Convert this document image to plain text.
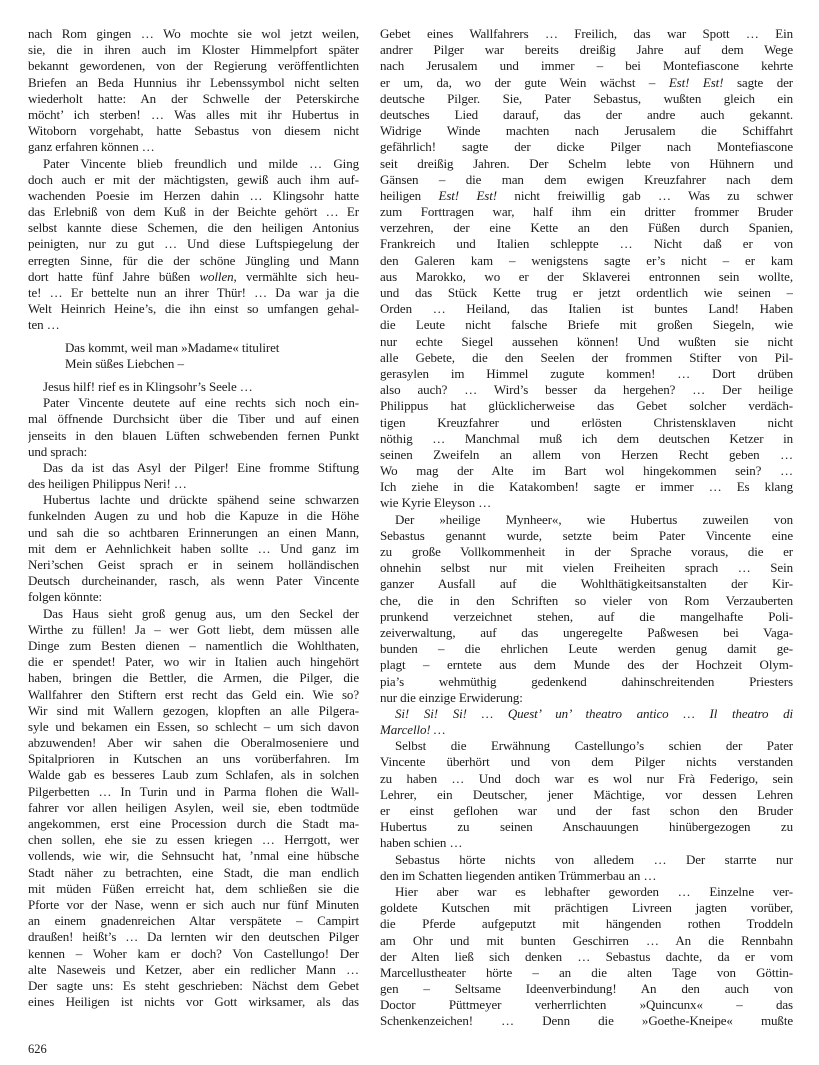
nach Rom gingen … Wo mochte sie wol jetzt weilen,
sie, die in ihren auch im Kloster Himmelpfort später
bekannt gewordenen, von der Regierung veröffentlichten
Briefen an Beda Hunnius ihr Lebenssymbol nicht selten
wiederholt hatte: An der Schwelle der Peterskirche
möcht’ ich sterben! … Was alles mit ihr Hubertus in
Witoborn vorgehabt, hatte Sebastus von diesem nicht
ganz erfahren können …
Pater Vincente blieb freundlich und milde … Ging
doch auch er mit der mächtigsten, gewiß auch ihm auf-
wachenden Poesie im Herzen dahin … Klingsohr hatte
das Erlebniß von dem Kuß in der Beichte gehört … Er
selbst kannte diese Schemen, die den heiligen Antonius
peinigten, nur zu gut … Und diese Luftspiegelung der
erregten Sinne, für die der schöne Jüngling und Mann
dort hatte fünf Jahre büßen wollen, vermählte sich heu-
te! … Er bettelte nun an ihrer Thür! … Da war ja die
Welt Heinrich Heine’s, die ihn einst so umfangen gehal-
ten …
Das kommt, weil man »Madame« tituliret
Mein süßes Liebchen –
Jesus hilf! rief es in Klingsohr’s Seele …
Pater Vincente deutete auf eine rechts sich noch ein-
mal öffnende Durchsicht über die Tiber und auf einen
jenseits in den blauen Lüften schwebenden fernen Punkt
und sprach:
Das da ist das Asyl der Pilger! Eine fromme Stiftung
des heiligen Philippus Neri! …
Hubertus lachte und drückte spähend seine schwarzen
funkelnden Augen zu und hob die Kapuze in die Höhe
und sah die so achtbaren Erinnerungen an einen Mann,
mit dem er Aehnlichkeit haben sollte … Und ganz im
Neri’schen Geist sprach er in seinem holländischen
Deutsch durcheinander, rasch, als wenn Pater Vincente
folgen könnte:
Das Haus sieht groß genug aus, um den Seckel der
Wirthe zu füllen! Ja – wer Gott liebt, dem müssen alle
Dinge zum Besten dienen – namentlich die Wohlthaten,
die er spendet! Pater, wo wir in Italien auch hingehört
haben, bringen die Bettler, die Armen, die Pilger, die
Wallfahrer den Stiftern erst recht das Geld ein. Wie so?
Wir sind mit Wallern gezogen, klopften an alle Pilgera-
syle und bekamen ein Essen, so schlecht – um sich davon
abzuwenden! Aber wir sahen die Oberalmoseniere und
Spitalprioren in Kutschen an uns vorüberfahren. Im
Walde gab es besseres Laub zum Schlafen, als in solchen
Pilgerbetten … In Turin und in Parma flohen die Wall-
fahrer vor allen heiligen Asylen, weil sie, eben todtmüde
angekommen, erst eine Procession durch die Stadt ma-
chen sollen, ehe sie zu essen kriegen … Herrgott, wer
vollends, wie wir, die Sehnsucht hat, ’nmal eine hübsche
Stadt näher zu betrachten, eine Stadt, die man endlich
mit müden Füßen erreicht hat, dem schließen sie die
Pforte vor der Nase, wenn er sich auch nur fünf Minuten
an einem gnadenreichen Altar verspätete – Campirt
draußen! heißt’s … Da lernten wir den deutschen Pilger
kennen – Woher kam er doch? Von Castellungo! Der
alte Naseweis und Ketzer, aber ein redlicher Mann …
Der sagte uns: Es steht geschrieben: Nächst dem Gebet
eines Heiligen ist nichts vor Gott wirksamer, als das
Gebet eines Wallfahrers … Freilich, das war Spott … Ein
andrer Pilger war bereits dreißig Jahre auf dem Wege
nach Jerusalem und immer – bei Montefiascone kehrte
er um, da, wo der gute Wein wächst – Est! Est! sagte der
deutsche Pilger. Sie, Pater Sebastus, wußten gleich ein
deutsches Lied darauf, das der andre auch gekannt.
Widrige Winde machten nach Jerusalem die Schiffahrt
gefährlich! sagte der dicke Pilger nach Montefiascone
seit dreißig Jahren. Der Schelm lebte von Hühnern und
Gänsen – die man dem ewigen Kreuzfahrer nach dem
heiligen Est! Est! nicht freiwillig gab … Was zu schwer
zum Forttragen war, half ihm ein dritter frommer Bruder
verzehren, der eine Kette an den Füßen durch Spanien,
Frankreich und Italien schleppte … Nicht daß er von
den Galeren kam – wenigstens sagte er’s nicht – er kam
aus Marokko, wo er der Sklaverei entronnen sein wollte,
und das Stück Kette trug er jetzt ordentlich wie seinen –
Orden … Heiland, das Italien ist buntes Land! Haben
die Leute nicht falsche Briefe mit großen Siegeln, wie
nur echte Siegel aussehen können! Und wußten sie nicht
alle Gebete, die den Seelen der frommen Stifter von Pil-
gerasylen im Himmel zugute kommen! … Dort drüben
also auch? … Wird’s besser da hergehen? … Der heilige
Philippus hat glücklicherweise das Gebet solcher verdäch-
tigen Kreuzfahrer und erlösten Christensklaven nicht
nöthig … Manchmal muß ich dem deutschen Ketzer in
seinen Zweifeln an allem von Herzen Recht geben …
Wo mag der Alte im Bart wol hingekommen sein? …
Ich ziehe in die Katakomben! sagte er immer … Es klang
wie Kyrie Eleyson …
Der »heilige Mynheer«, wie Hubertus zuweilen von
Sebastus genannt wurde, setzte beim Pater Vincente eine
zu große Vollkommenheit in der Sprache voraus, die er
ohnehin selbst nur mit vielen Freiheiten sprach … Sein
ganzer Ausfall auf die Wohlthätigkeitsanstalten der Kir-
che, die in den Schriften so vieler von Rom Verzauberten
prunkend verzeichnet stehen, auf die mangelhafte Poli-
zeiverwaltung, auf das ungeregelte Paßwesen bei Vaga-
bunden – die ehrlichen Leute werden genug damit ge-
plagt – erntete aus dem Munde des der Hochzeit Olym-
pia’s wehmüthig gedenkend dahinschreitenden Priesters
nur die einzige Erwiderung:
Si! Si! Si! … Quest’ un’ theatro antico … Il theatro di
Marcello! …
Selbst die Erwähnung Castellungo’s schien der Pater
Vincente überhört und von dem Pilger nichts verstanden
zu haben … Und doch war es wol nur Frà Federigo, sein
Lehrer, ein Deutscher, jener Mächtige, vor dessen Lehren
er einst geflohen war und der fast schon den Bruder
Hubertus zu seinen Anschauungen hinübergezogen zu
haben schien …
Sebastus hörte nichts von alledem … Der starrte nur
den im Schatten liegenden antiken Trümmerbau an …
Hier aber war es lebhafter geworden … Einzelne ver-
goldete Kutschen mit prächtigen Livreen jagten vorüber,
die Pferde aufgeputzt mit hängenden rothen Troddeln
am Ohr und mit bunten Geschirren … An die Rennbahn
der Alten ließ sich denken … Sebastus dachte, da er vom
Marcellustheater hörte – an die alten Tage von Göttin-
gen – Seltsame Ideenverbindung! An den auch von
Doctor Püttmeyer verherrlichten »Quincunx« – das
Schenkenzeichen! … Denn die »Goethe-Kneipe« mußte
626
